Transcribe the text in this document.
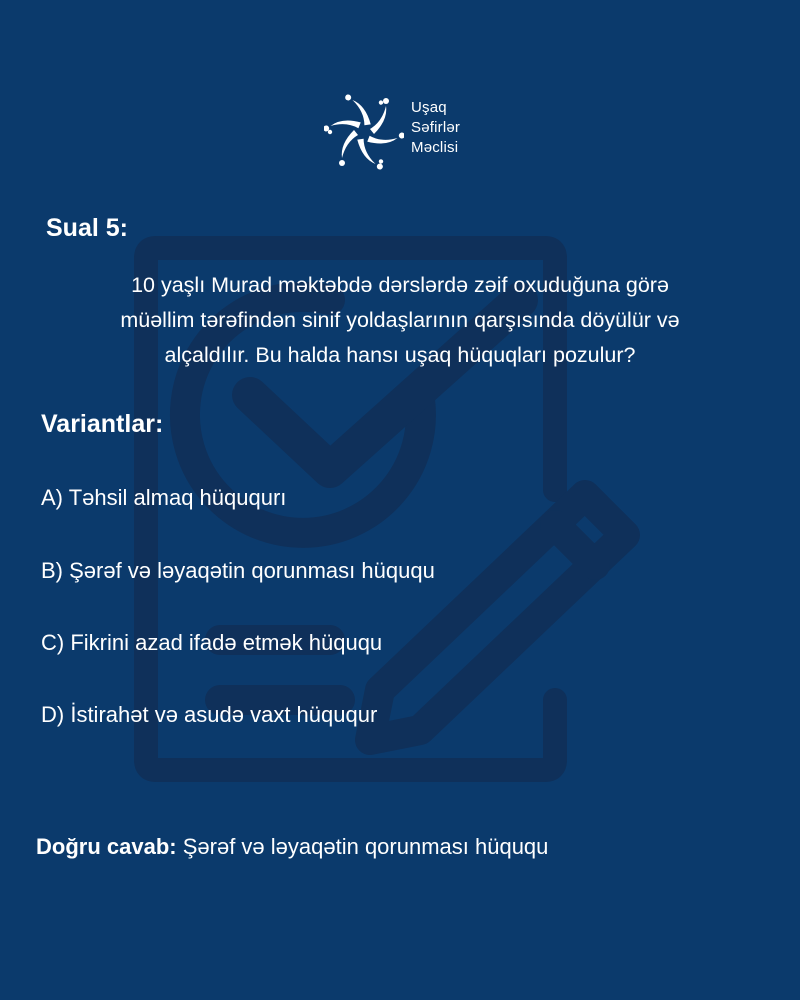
Uşaq
Səfirlər
Məclisi
Sual 5:
10 yaşlı Murad məktəbdə dərslərdə zəif oxuduğuna görə
müəllim tərəfindən sinif yoldaşlarının qarşısında döyülür və
alçaldılır. Bu halda hansı uşaq hüquqları pozulur?
Variantlar:
A) Təhsil almaq hüququrı
B) Şərəf və ləyaqətin qorunması hüququ
C) Fikrini azad ifadə etmək hüququ
D) İstirahət və asudə vaxt hüququr
Doğru cavab: Şərəf və ləyaqətin qorunması hüququ
